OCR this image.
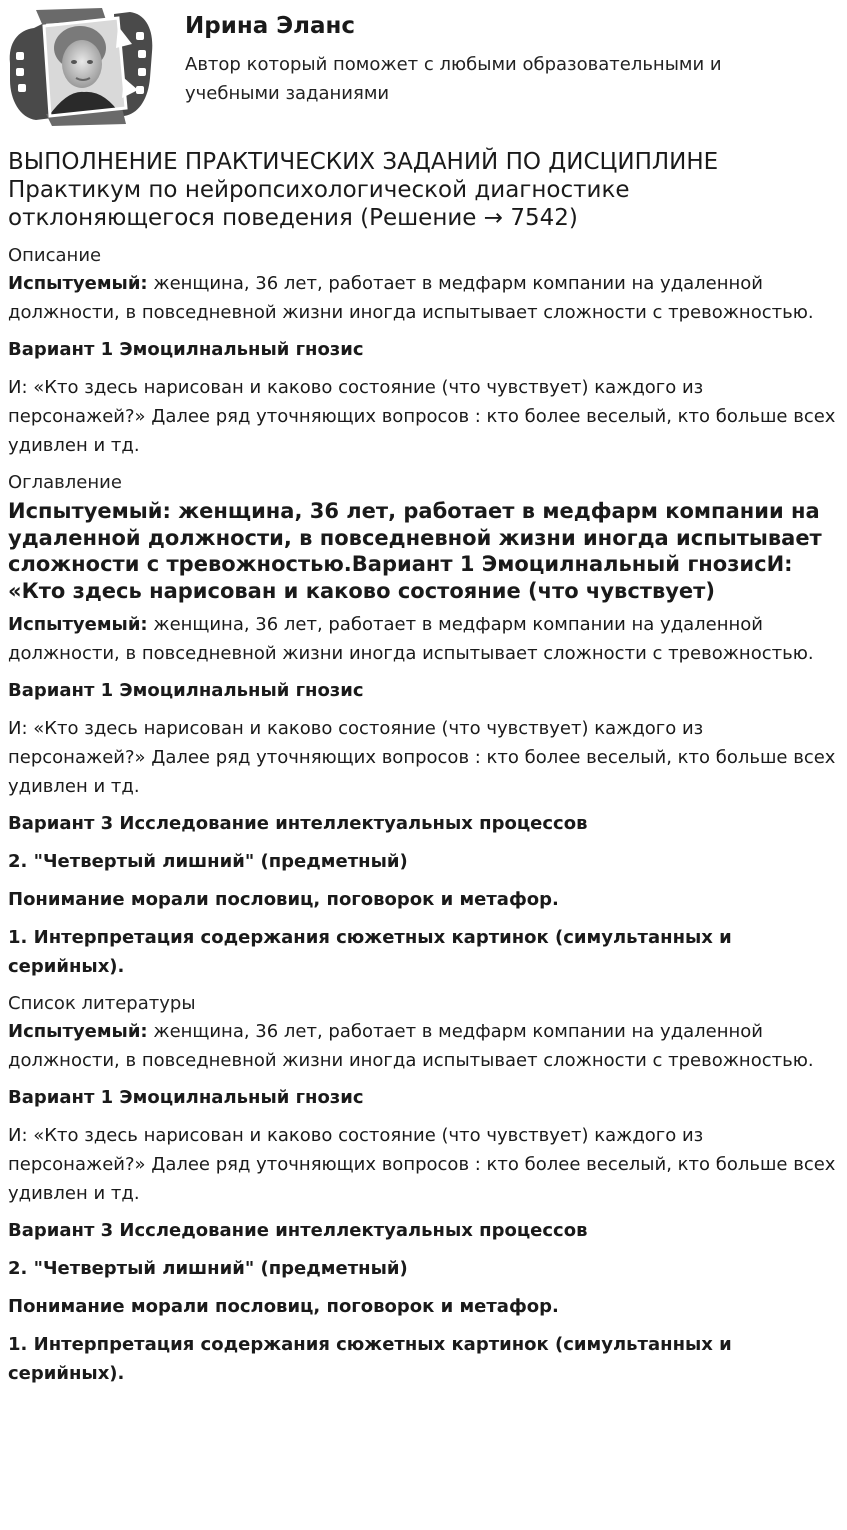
Ирина Эланс

Автор который поможет с любыми образовательными и учебными заданиями

ВЫПОЛНЕНИЕ ПРАКТИЧЕСКИХ ЗАДАНИЙ ПО ДИСЦИПЛИНЕ Практикум по нейропсихологической диагностике отклоняющегося поведения (Решение → 7542)
Описание

Испытуемый: женщина, 36 лет, работает в медфарм компании на удаленной должности, в повседневной жизни иногда испытывает сложности с тревожностью.

Вариант 1 Эмоцилнальный гнозис

И: «Кто здесь нарисован и каково состояние (что чувствует) каждого из персонажей?» Далее ряд уточняющих вопросов : кто более веселый, кто больше всех удивлен и тд.

Оглавление

Испытуемый: женщина, 36 лет, работает в медфарм компании на удаленной должности, в повседневной жизни иногда испытывает сложности с тревожностью.Вариант 1 Эмоцилнальный гнозисИ: «Кто здесь нарисован и каково состояние (что чувствует)

Испытуемый: женщина, 36 лет, работает в медфарм компании на удаленной должности, в повседневной жизни иногда испытывает сложности с тревожностью.

Вариант 1 Эмоцилнальный гнозис

И: «Кто здесь нарисован и каково состояние (что чувствует) каждого из персонажей?» Далее ряд уточняющих вопросов : кто более веселый, кто больше всех удивлен и тд.

Вариант 3 Исследование интеллектуальных процессов

2. "Четвертый лишний" (предметный)

Понимание морали пословиц, поговорок и метафор.

1. Интерпретация содержания сюжетных картинок (симультанных и серийных).

Список литературы

Испытуемый: женщина, 36 лет, работает в медфарм компании на удаленной должности, в повседневной жизни иногда испытывает сложности с тревожностью.

Вариант 1 Эмоцилнальный гнозис

И: «Кто здесь нарисован и каково состояние (что чувствует) каждого из персонажей?» Далее ряд уточняющих вопросов : кто более веселый, кто больше всех удивлен и тд.

Вариант 3 Исследование интеллектуальных процессов

2. "Четвертый лишний" (предметный)

Понимание морали пословиц, поговорок и метафор.

1. Интерпретация содержания сюжетных картинок (симультанных и серийных).
